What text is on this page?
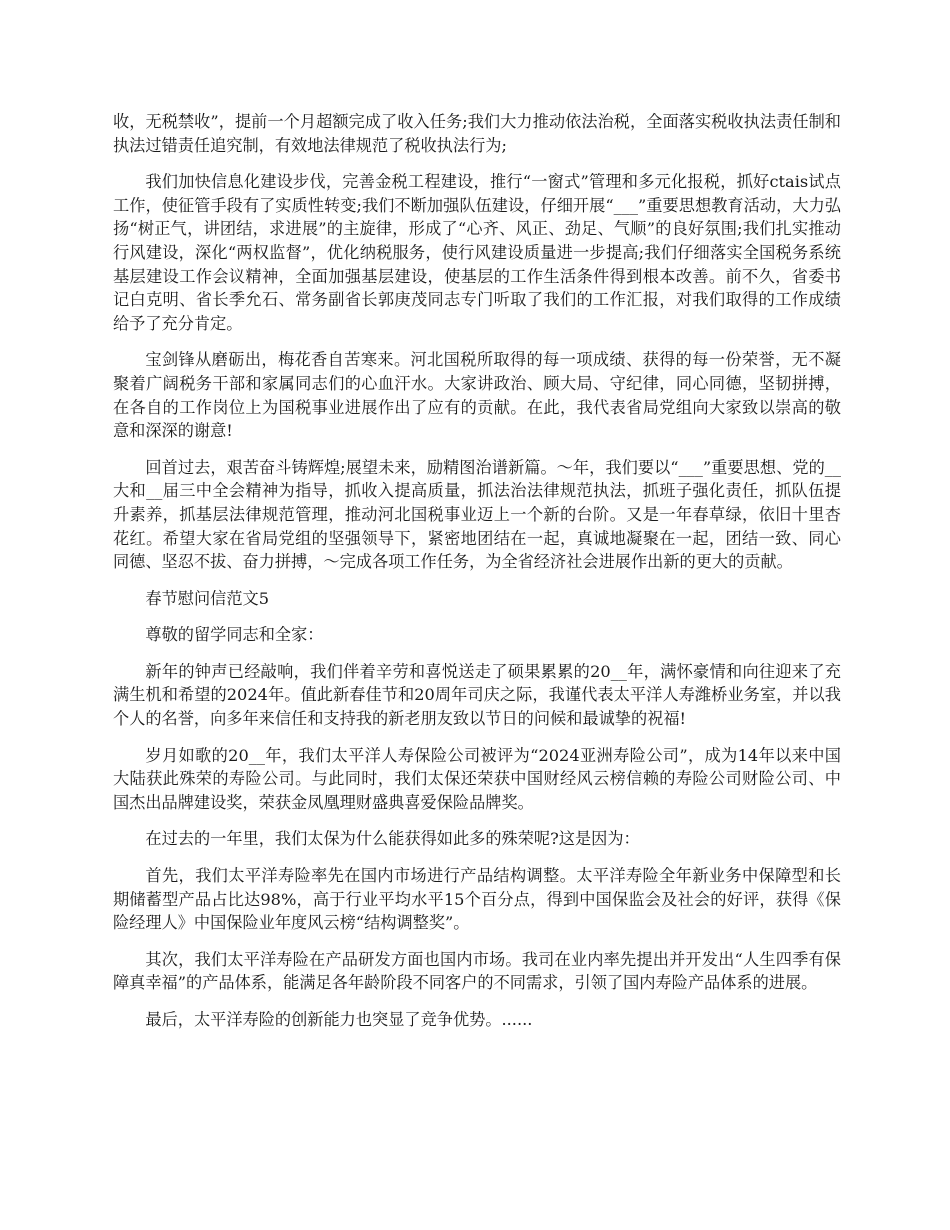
收，无税禁收”，提前一个月超额完成了收入任务;我们大力推动依法治税，全面落实税收执法责任制和执法过错责任追究制，有效地法律规范了税收执法行为;

我们加快信息化建设步伐，完善金税工程建设，推行“一窗式”管理和多元化报税，抓好ctais试点工作，使征管手段有了实质性转变;我们不断加强队伍建设，仔细开展“___”重要思想教育活动，大力弘扬“树正气，讲团结，求进展”的主旋律，形成了“心齐、风正、劲足、气顺”的良好氛围;我们扎实推动行风建设，深化“两权监督”，优化纳税服务，使行风建设质量进一步提高;我们仔细落实全国税务系统基层建设工作会议精神，全面加强基层建设，使基层的工作生活条件得到根本改善。前不久，省委书记白克明、省长季允石、常务副省长郭庚茂同志专门听取了我们的工作汇报，对我们取得的工作成绩给予了充分肯定。

宝剑锋从磨砺出，梅花香自苦寒来。河北国税所取得的每一项成绩、获得的每一份荣誉，无不凝聚着广阔税务干部和家属同志们的心血汗水。大家讲政治、顾大局、守纪律，同心同德，坚韧拼搏，在各自的工作岗位上为国税事业进展作出了应有的贡献。在此，我代表省局党组向大家致以崇高的敬意和深深的谢意!

回首过去，艰苦奋斗铸辉煌;展望未来，励精图治谱新篇。～年，我们要以“___”重要思想、党的__大和__届三中全会精神为指导，抓收入提高质量，抓法治法律规范执法，抓班子强化责任，抓队伍提升素养，抓基层法律规范管理，推动河北国税事业迈上一个新的台阶。又是一年春草绿，依旧十里杏花红。希望大家在省局党组的坚强领导下，紧密地团结在一起，真诚地凝聚在一起，团结一致、同心同德、坚忍不拔、奋力拼搏，～完成各项工作任务，为全省经济社会进展作出新的更大的贡献。

春节慰问信范文5

尊敬的留学同志和全家：

新年的钟声已经敲响，我们伴着辛劳和喜悦送走了硕果累累的20__年，满怀豪情和向往迎来了充满生机和希望的2024年。值此新春佳节和20周年司庆之际，我谨代表太平洋人寿潍桥业务室，并以我个人的名誉，向多年来信任和支持我的新老朋友致以节日的问候和最诚挚的祝福!

岁月如歌的20__年，我们太平洋人寿保险公司被评为“2024亚洲寿险公司”，成为14年以来中国大陆获此殊荣的寿险公司。与此同时，我们太保还荣获中国财经风云榜信赖的寿险公司财险公司、中国杰出品牌建设奖，荣获金凤凰理财盛典喜爱保险品牌奖。

在过去的一年里，我们太保为什么能获得如此多的殊荣呢?这是因为：

首先，我们太平洋寿险率先在国内市场进行产品结构调整。太平洋寿险全年新业务中保障型和长期储蓄型产品占比达98%，高于行业平均水平15个百分点，得到中国保监会及社会的好评，获得《保险经理人》中国保险业年度风云榜“结构调整奖”。

其次，我们太平洋寿险在产品研发方面也国内市场。我司在业内率先提出并开发出“人生四季有保障真幸福”的产品体系，能满足各年龄阶段不同客户的不同需求，引领了国内寿险产品体系的进展。

最后，太平洋寿险的创新能力也突显了竞争优势。......
